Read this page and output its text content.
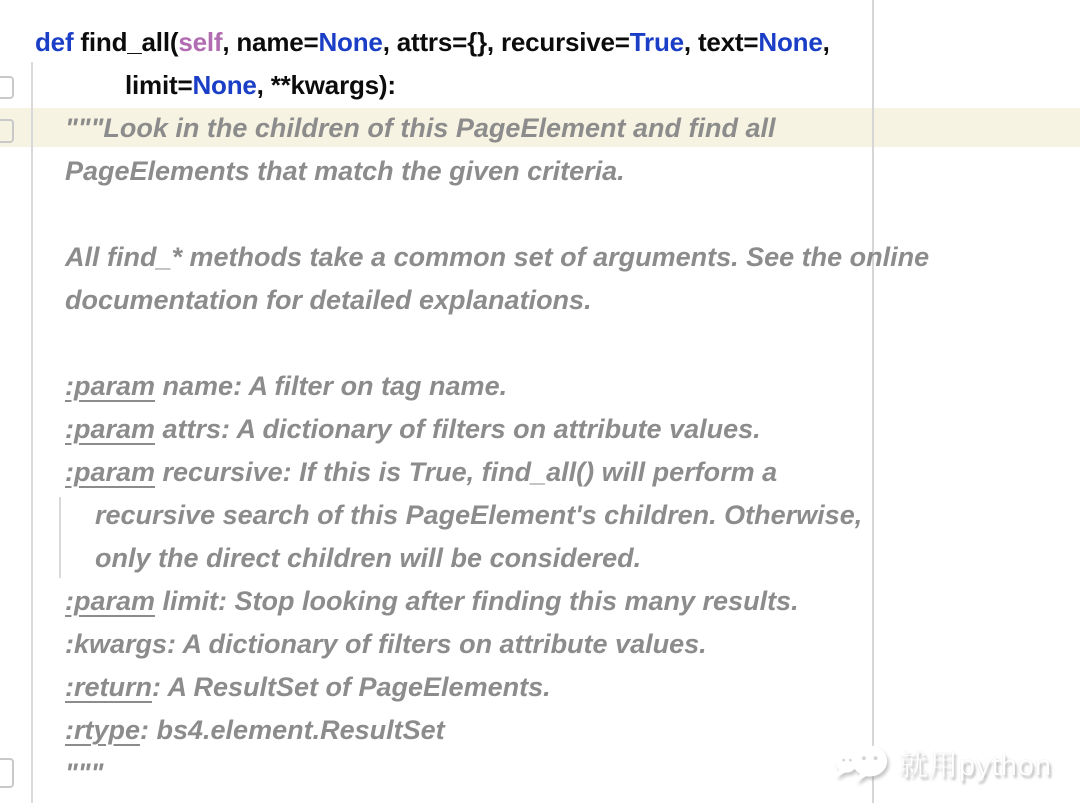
def find_all(self, name=None, attrs={}, recursive=True, text=None,
limit=None, **kwargs):
"""Look in the children of this PageElement and find all
PageElements that match the given criteria.
All find_* methods take a common set of arguments. See the online
documentation for detailed explanations.
:param name: A filter on tag name.
:param attrs: A dictionary of filters on attribute values.
:param recursive: If this is True, find_all() will perform a
recursive search of this PageElement's children. Otherwise,
only the direct children will be considered.
:param limit: Stop looking after finding this many results.
:kwargs: A dictionary of filters on attribute values.
:return: A ResultSet of PageElements.
:rtype: bs4.element.ResultSet
"""	就用python
